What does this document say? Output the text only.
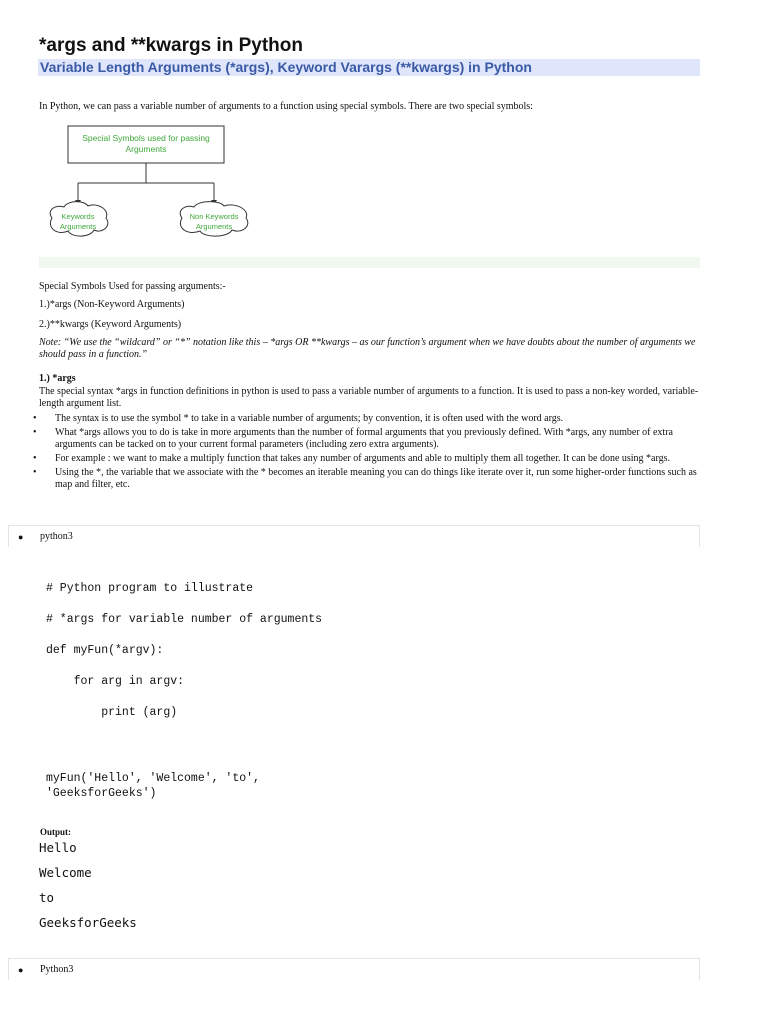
*args and **kwargs in Python
Variable Length Arguments (*args), Keyword Varargs (**kwargs) in Python
In Python, we can pass a variable number of arguments to a function using special symbols. There are two special symbols:
Special Symbols used for passing
Arguments
Keywords
Arguments
Non Keywords
Arguments
Special Symbols Used for passing arguments:-
1.)*args (Non-Keyword Arguments)
2.)**kwargs (Keyword Arguments)
Note: “We use the “wildcard” or “*” notation like this – *args OR **kwargs – as our function’s argument when we have doubts about the number of arguments we should pass in a function.”
1.) *args
The special syntax *args in function definitions in python is used to pass a variable number of arguments to a function. It is used to pass a non-key worded, variable-length argument list.
• The syntax is to use the symbol * to take in a variable number of arguments; by convention, it is often used with the word args.
• What *args allows you to do is take in more arguments than the number of formal arguments that you previously defined. With *args, any number of extra arguments can be tacked on to your current formal parameters (including zero extra arguments).
• For example : we want to make a multiply function that takes any number of arguments and able to multiply them all together. It can be done using *args.
• Using the *, the variable that we associate with the * becomes an iterable meaning you can do things like iterate over it, run some higher-order functions such as map and filter, etc.
● python3
# Python program to illustrate
# *args for variable number of arguments
def myFun(*argv):
for arg in argv:
print (arg)
myFun('Hello', 'Welcome', 'to',
'GeeksforGeeks')
Output:
Hello
Welcome
to
GeeksforGeeks
● Python3
